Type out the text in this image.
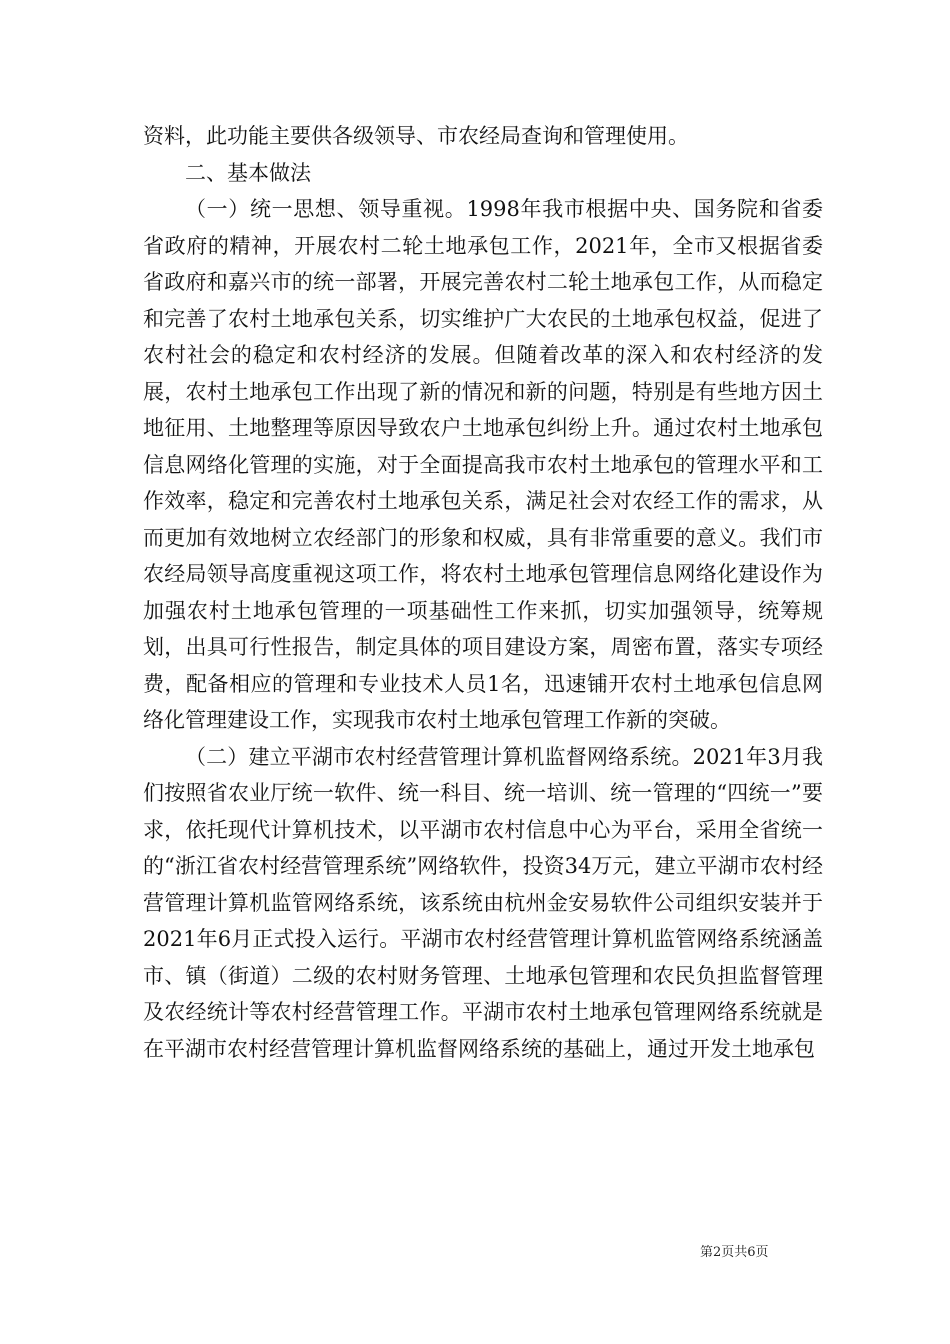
资料，此功能主要供各级领导、市农经局查询和管理使用。

二、基本做法

（一）统一思想、领导重视。1998年我市根据中央、国务院和省委省政府的精神，开展农村二轮土地承包工作，2021年，全市又根据省委省政府和嘉兴市的统一部署，开展完善农村二轮土地承包工作，从而稳定和完善了农村土地承包关系，切实维护广大农民的土地承包权益，促进了农村社会的稳定和农村经济的发展。但随着改革的深入和农村经济的发展，农村土地承包工作出现了新的情况和新的问题，特别是有些地方因土地征用、土地整理等原因导致农户土地承包纠纷上升。通过农村土地承包信息网络化管理的实施，对于全面提高我市农村土地承包的管理水平和工作效率，稳定和完善农村土地承包关系，满足社会对农经工作的需求，从而更加有效地树立农经部门的形象和权威，具有非常重要的意义。我们市农经局领导高度重视这项工作，将农村土地承包管理信息网络化建设作为加强农村土地承包管理的一项基础性工作来抓，切实加强领导，统筹规划，出具可行性报告，制定具体的项目建设方案，周密布置，落实专项经费，配备相应的管理和专业技术人员1名，迅速铺开农村土地承包信息网络化管理建设工作，实现我市农村土地承包管理工作新的突破。

（二）建立平湖市农村经营管理计算机监督网络系统。2021年3月我们按照省农业厅统一软件、统一科目、统一培训、统一管理的“四统一”要求，依托现代计算机技术，以平湖市农村信息中心为平台，采用全省统一的“浙江省农村经营管理系统”网络软件，投资34万元，建立平湖市农村经营管理计算机监管网络系统，该系统由杭州金安易软件公司组织安装并于2021年6月正式投入运行。平湖市农村经营管理计算机监管网络系统涵盖市、镇（街道）二级的农村财务管理、土地承包管理和农民负担监督管理及农经统计等农村经营管理工作。平湖市农村土地承包管理网络系统就是在平湖市农村经营管理计算机监督网络系统的基础上，通过开发土地承包

第2页共6页
